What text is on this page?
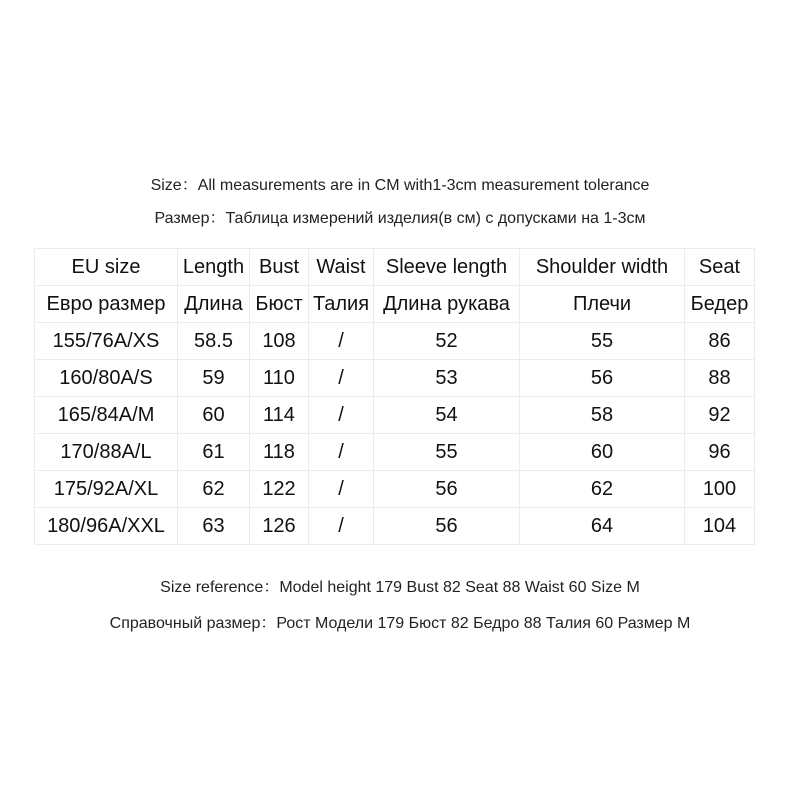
Size：All measurements are in CM with1-3cm measurement tolerance
Размер：Таблица измерений изделия(в см) с допусками на 1-3см
EU size	Length	Bust	Waist	Sleeve length	Shoulder width	Seat
Евро размер	Длина	Бюст	Талия	Длина рукава	Плечи	Бедер
155/76A/XS	58.5	108	/	52	55	86
160/80A/S	59	110	/	53	56	88
165/84A/M	60	114	/	54	58	92
170/88A/L	61	118	/	55	60	96
175/92A/XL	62	122	/	56	62	100
180/96A/XXL	63	126	/	56	64	104
Size reference：Model height 179 Bust 82 Seat 88 Waist 60 Size M
Справочный размер：Рост Модели 179 Бюст 82 Бедро 88 Талия 60 Размер M
